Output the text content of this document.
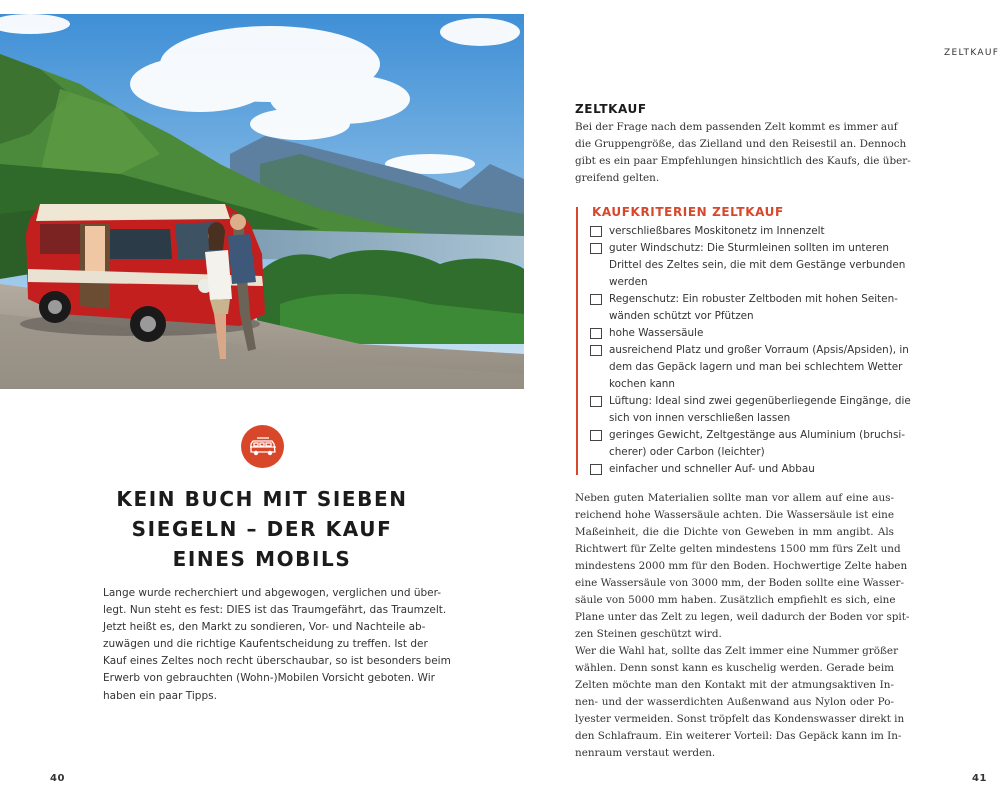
KEIN BUCH MIT SIEBEN
SIEGELN – DER KAUF
EINES MOBILS
Lange wurde recherchiert und abgewogen, verglichen und über-
legt. Nun steht es fest: DIES ist das Traumgefährt, das Traumzelt.
Jetzt heißt es, den Markt zu sondieren, Vor- und Nachteile ab-
zuwägen und die richtige Kaufentscheidung zu treffen. Ist der
Kauf eines Zeltes noch recht überschaubar, so ist besonders beim
Erwerb von gebrauchten (Wohn-)Mobilen Vorsicht geboten. Wir
haben ein paar Tipps.
40
ZELTKAUF
ZELTKAUF
Bei der Frage nach dem passenden Zelt kommt es immer auf
die Gruppengröße, das Zielland und den Reisestil an. Dennoch
gibt es ein paar Empfehlungen hinsichtlich des Kaufs, die über-
greifend gelten.
KAUFKRITERIEN ZELTKAUF
verschließbares Moskitonetz im Innenzelt
guter Windschutz: Die Sturmleinen sollten im unteren
Drittel des Zeltes sein, die mit dem Gestänge verbunden
werden
Regenschutz: Ein robuster Zeltboden mit hohen Seiten-
wänden schützt vor Pfützen
hohe Wassersäule
ausreichend Platz und großer Vorraum (Apsis/Apsiden), in
dem das Gepäck lagern und man bei schlechtem Wetter
kochen kann
Lüftung: Ideal sind zwei gegenüberliegende Eingänge, die
sich von innen verschließen lassen
geringes Gewicht, Zeltgestänge aus Aluminium (bruchsi-
cherer) oder Carbon (leichter)
einfacher und schneller Auf- und Abbau
Neben guten Materialien sollte man vor allem auf eine aus-
reichend hohe Wassersäule achten. Die Wassersäule ist eine
Maßeinheit, die die Dichte von Geweben in mm angibt. Als
Richtwert für Zelte gelten mindestens 1500 mm fürs Zelt und
mindestens 2000 mm für den Boden. Hochwertige Zelte haben
eine Wassersäule von 3000 mm, der Boden sollte eine Wasser-
säule von 5000 mm haben. Zusätzlich empfiehlt es sich, eine
Plane unter das Zelt zu legen, weil dadurch der Boden vor spit-
zen Steinen geschützt wird.
Wer die Wahl hat, sollte das Zelt immer eine Nummer größer
wählen. Denn sonst kann es kuschelig werden. Gerade beim
Zelten möchte man den Kontakt mit der atmungsaktiven In-
nen- und der wasserdichten Außenwand aus Nylon oder Po-
lyester vermeiden. Sonst tröpfelt das Kondenswasser direkt in
den Schlafraum. Ein weiterer Vorteil: Das Gepäck kann im In-
nenraum verstaut werden.
41
